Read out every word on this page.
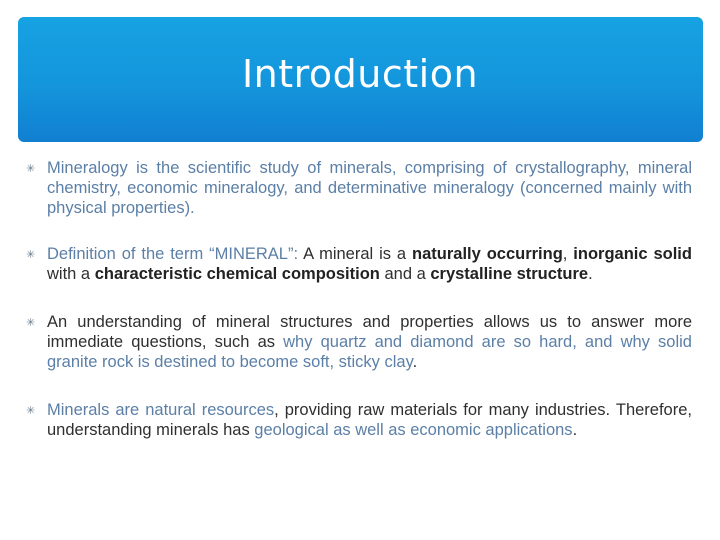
Introduction
✳ Mineralogy is the scientific study of minerals, comprising of crystallography, mineral chemistry, economic mineralogy, and determinative mineralogy (concerned mainly with physical properties).
✳ Definition of the term “MINERAL”: A mineral is a naturally occurring, inorganic solid with a characteristic chemical composition and a crystalline structure.
✳ An understanding of mineral structures and properties allows us to answer more immediate questions, such as why quartz and diamond are so hard, and why solid granite rock is destined to become soft, sticky clay.
✳ Minerals are natural resources, providing raw materials for many industries. Therefore, understanding minerals has geological as well as economic applications.
